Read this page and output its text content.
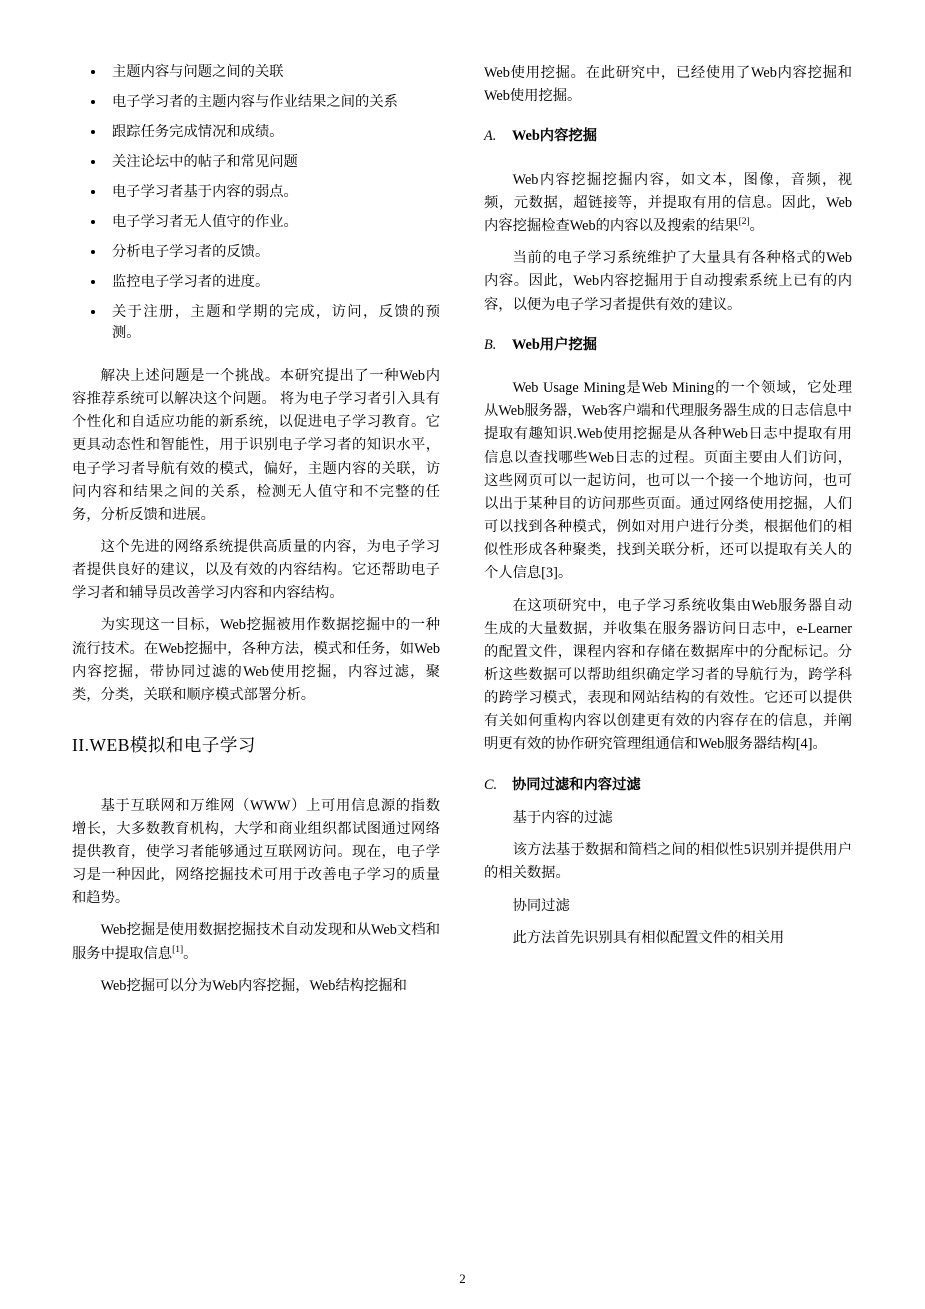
• 主题内容与问题之间的关联
• 电子学习者的主题内容与作业结果之间的关系
• 跟踪任务完成情况和成绩。
• 关注论坛中的帖子和常见问题
• 电子学习者基于内容的弱点。
• 电子学习者无人值守的作业。
• 分析电子学习者的反馈。
• 监控电子学习者的进度。
• 关于注册，主题和学期的完成，访问，反馈的预测。

解决上述问题是一个挑战。本研究提出了一种Web内容推荐系统可以解决这个问题。 将为电子学习者引入具有个性化和自适应功能的新系统，以促进电子学习教育。它更具动态性和智能性，用于识别电子学习者的知识水平，电子学习者导航有效的模式，偏好，主题内容的关联，访问内容和结果之间的关系，检测无人值守和不完整的任务，分析反馈和进展。

这个先进的网络系统提供高质量的内容，为电子学习者提供良好的建议，以及有效的内容结构。它还帮助电子学习者和辅导员改善学习内容和内容结构。

为实现这一目标，Web挖掘被用作数据挖掘中的一种流行技术。在Web挖掘中，各种方法，模式和任务，如Web内容挖掘，带协同过滤的Web使用挖掘，内容过滤，聚类，分类，关联和顺序模式部署分析。

II.WEB模拟和电子学习

基于互联网和万维网（WWW）上可用信息源的指数增长，大多数教育机构，大学和商业组织都试图通过网络提供教育，使学习者能够通过互联网访问。现在，电子学习是一种因此，网络挖掘技术可用于改善电子学习的质量和趋势。

Web挖掘是使用数据挖掘技术自动发现和从Web文档和服务中提取信息[1]。

Web挖掘可以分为Web内容挖掘，Web结构挖掘和

Web使用挖掘。在此研究中，已经使用了Web内容挖掘和Web使用挖掘。

A. Web内容挖掘

Web内容挖掘挖掘内容，如文本，图像，音频，视频，元数据，超链接等，并提取有用的信息。因此，Web内容挖掘检查Web的内容以及搜索的结果[2]。

当前的电子学习系统维护了大量具有各种格式的Web内容。因此，Web内容挖掘用于自动搜索系统上已有的内容，以便为电子学习者提供有效的建议。

B. Web用户挖掘

Web Usage Mining是Web Mining的一个领域，它处理从Web服务器，Web客户端和代理服务器生成的日志信息中提取有趣知识.Web使用挖掘是从各种Web日志中提取有用信息以查找哪些Web日志的过程。页面主要由人们访问，这些网页可以一起访问，也可以一个接一个地访问，也可以出于某种目的访问那些页面。通过网络使用挖掘，人们可以找到各种模式，例如对用户进行分类，根据他们的相似性形成各种聚类，找到关联分析，还可以提取有关人的个人信息[3]。

在这项研究中，电子学习系统收集由Web服务器自动生成的大量数据，并收集在服务器访问日志中，e-Learner的配置文件，课程内容和存储在数据库中的分配标记。分析这些数据可以帮助组织确定学习者的导航行为，跨学科的跨学习模式，表现和网站结构的有效性。它还可以提供有关如何重构内容以创建更有效的内容存在的信息，并阐明更有效的协作研究管理组通信和Web服务器结构[4]。

C. 协同过滤和内容过滤

基于内容的过滤

该方法基于数据和简档之间的相似性5识别并提供用户的相关数据。

协同过滤

此方法首先识别具有相似配置文件的相关用

2
